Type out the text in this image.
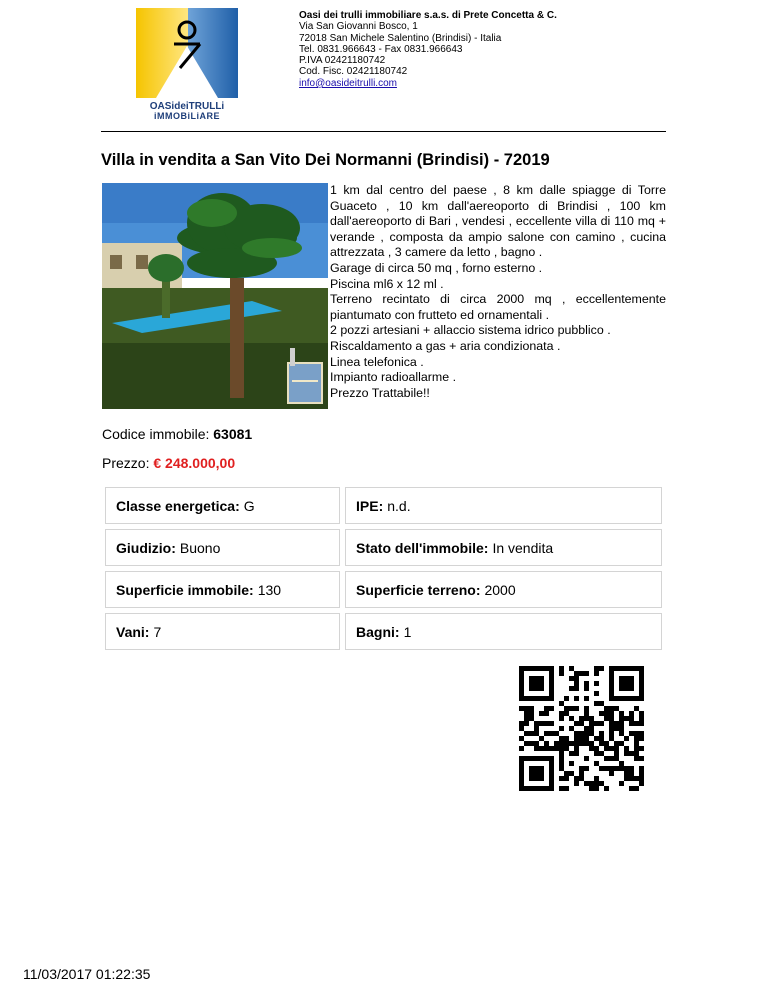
OASideiTRULLi
iMMOBiLiARE
Oasi dei trulli immobiliare s.a.s. di Prete Concetta & C.
Via San Giovanni Bosco, 1
72018 San Michele Salentino (Brindisi) - Italia
Tel. 0831.966643 - Fax 0831.966643
P.IVA 02421180742
Cod. Fisc. 02421180742
info@oasideitrulli.com
Villa in vendita a San Vito Dei Normanni (Brindisi) - 72019

1 km dal centro del paese , 8 km dalle spiagge di Torre Guaceto , 10 km dall'aereoporto di Brindisi , 100 km dall'aereoporto di Bari , vendesi , eccellente villa di 110 mq + verande , composta da ampio salone con camino , cucina attrezzata , 3 camere da letto , bagno .

Garage di circa 50 mq , forno esterno .

Piscina ml6 x 12 ml .

Terreno recintato di circa 2000 mq , eccellentemente piantumato con frutteto ed ornamentali .

2 pozzi artesiani + allaccio sistema idrico pubblico .

Riscaldamento a gas + aria condizionata .

Linea telefonica .

Impianto radioallarme .

Prezzo Trattabile!!

Codice immobile: 63081
Prezzo: € 248.000,00
Classe energetica: G	IPE: n.d.
Giudizio: Buono	Stato dell'immobile: In vendita
Superficie immobile: 130	Superficie terreno: 2000
Vani: 7	Bagni: 1
11/03/2017 01:22:35
